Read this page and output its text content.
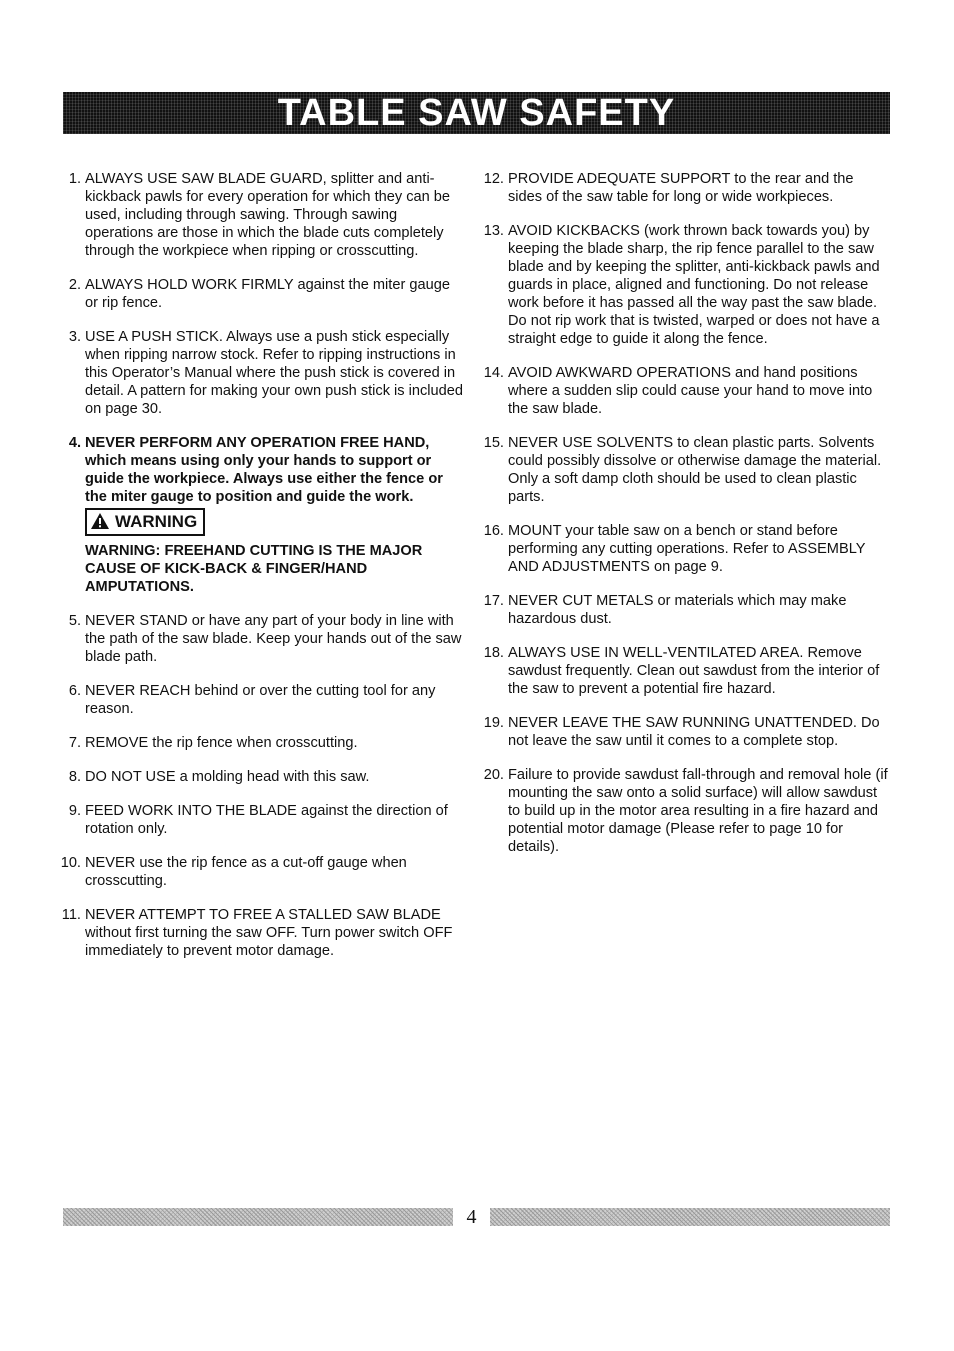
TABLE SAW SAFETY
1. ALWAYS USE SAW BLADE GUARD, splitter and anti-kickback pawls for every operation for which they can be used, including through sawing. Through sawing operations are those in which the blade cuts completely through the workpiece when ripping or crosscutting.
2. ALWAYS HOLD WORK FIRMLY against the miter gauge or rip fence.
3. USE A PUSH STICK. Always use a push stick especially when ripping narrow stock. Refer to ripping instructions in this Operator’s Manual where the push stick is covered in detail. A pattern for making your own push stick is included on page 30.
4. NEVER PERFORM ANY OPERATION FREE HAND, which means using only your hands to support or guide the workpiece. Always use either the fence or the miter gauge to position and guide the work.
WARNING
WARNING: FREEHAND CUTTING IS THE MAJOR CAUSE OF KICK-BACK & FINGER/HAND AMPUTATIONS.
5. NEVER STAND or have any part of your body in line with the path of the saw blade. Keep your hands out of the saw blade path.
6. NEVER REACH behind or over the cutting tool for any reason.
7. REMOVE the rip fence when crosscutting.
8. DO NOT USE a molding head with this saw.
9. FEED WORK INTO THE BLADE against the direction of rotation only.
10. NEVER use the rip fence as a cut-off gauge when crosscutting.
11. NEVER ATTEMPT TO FREE A STALLED SAW BLADE without first turning the saw OFF. Turn power switch OFF immediately to prevent motor damage.
12. PROVIDE ADEQUATE SUPPORT to the rear and the sides of the saw table for long or wide workpieces.
13. AVOID KICKBACKS (work thrown back towards you) by keeping the blade sharp, the rip fence parallel to the saw blade and by keeping the splitter, anti-kickback pawls and guards in place, aligned and functioning. Do not release work before it has passed all the way past the saw blade. Do not rip work that is twisted, warped or does not have a straight edge to guide it along the fence.
14. AVOID AWKWARD OPERATIONS and hand positions where a sudden slip could cause your hand to move into the saw blade.
15. NEVER USE SOLVENTS to clean plastic parts. Solvents could possibly dissolve or otherwise damage the material. Only a soft damp cloth should be used to clean plastic parts.
16. MOUNT your table saw on a bench or stand before performing any cutting operations. Refer to ASSEMBLY AND ADJUSTMENTS on page 9.
17. NEVER CUT METALS or materials which may make hazardous dust.
18. ALWAYS USE IN WELL-VENTILATED AREA. Remove sawdust frequently. Clean out sawdust from the interior of the saw to prevent a potential fire hazard.
19. NEVER LEAVE THE SAW RUNNING UNATTENDED. Do not leave the saw until it comes to a complete stop.
20. Failure to provide sawdust fall-through and removal hole (if mounting the saw onto a solid surface) will allow sawdust to build up in the motor area resulting in a fire hazard and potential motor damage (Please refer to page 10 for details).
4
